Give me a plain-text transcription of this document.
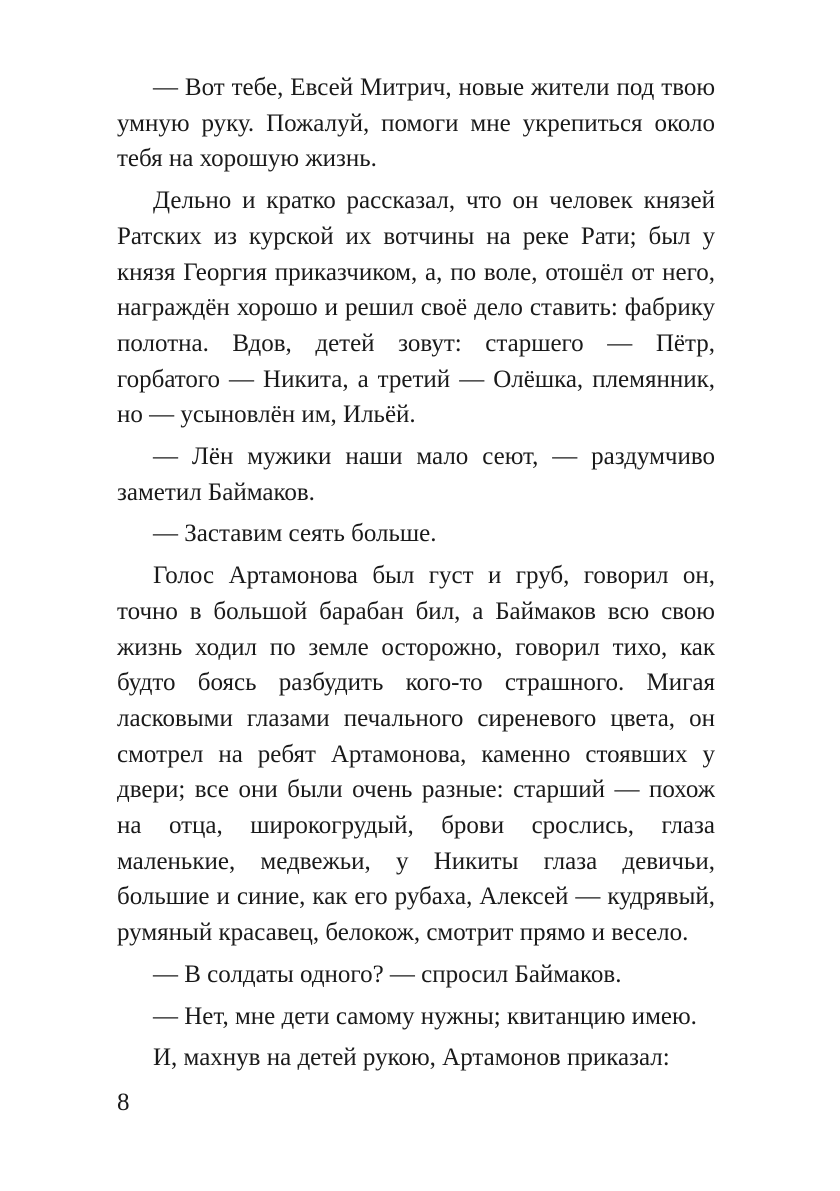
— Вот тебе, Евсей Митрич, новые жители под твою умную руку. Пожалуй, помоги мне укрепиться около тебя на хорошую жизнь.

Дельно и кратко рассказал, что он человек князей Ратских из курской их вотчины на реке Рати; был у князя Георгия приказчиком, а, по воле, отошёл от него, награждён хорошо и решил своё дело ставить: фабрику полотна. Вдов, детей зовут: старшего — Пётр, горбатого — Никита, а третий — Олёшка, племянник, но — усыновлён им, Ильёй.

— Лён мужики наши мало сеют, — раздумчиво заметил Баймаков.

— Заставим сеять больше.

Голос Артамонова был густ и груб, говорил он, точно в большой барабан бил, а Баймаков всю свою жизнь ходил по земле осторожно, говорил тихо, как будто боясь разбудить кого-то страшного. Мигая ласковыми глазами печального сиреневого цвета, он смотрел на ребят Артамонова, каменно стоявших у двери; все они были очень разные: старший — похож на отца, широкогрудый, брови срослись, глаза маленькие, медвежьи, у Никиты глаза девичьи, большие и синие, как его рубаха, Алексей — кудрявый, румяный красавец, белокож, смотрит прямо и весело.

— В солдаты одного? — спросил Баймаков.

— Нет, мне дети самому нужны; квитанцию имею.

И, махнув на детей рукою, Артамонов приказал:

8
